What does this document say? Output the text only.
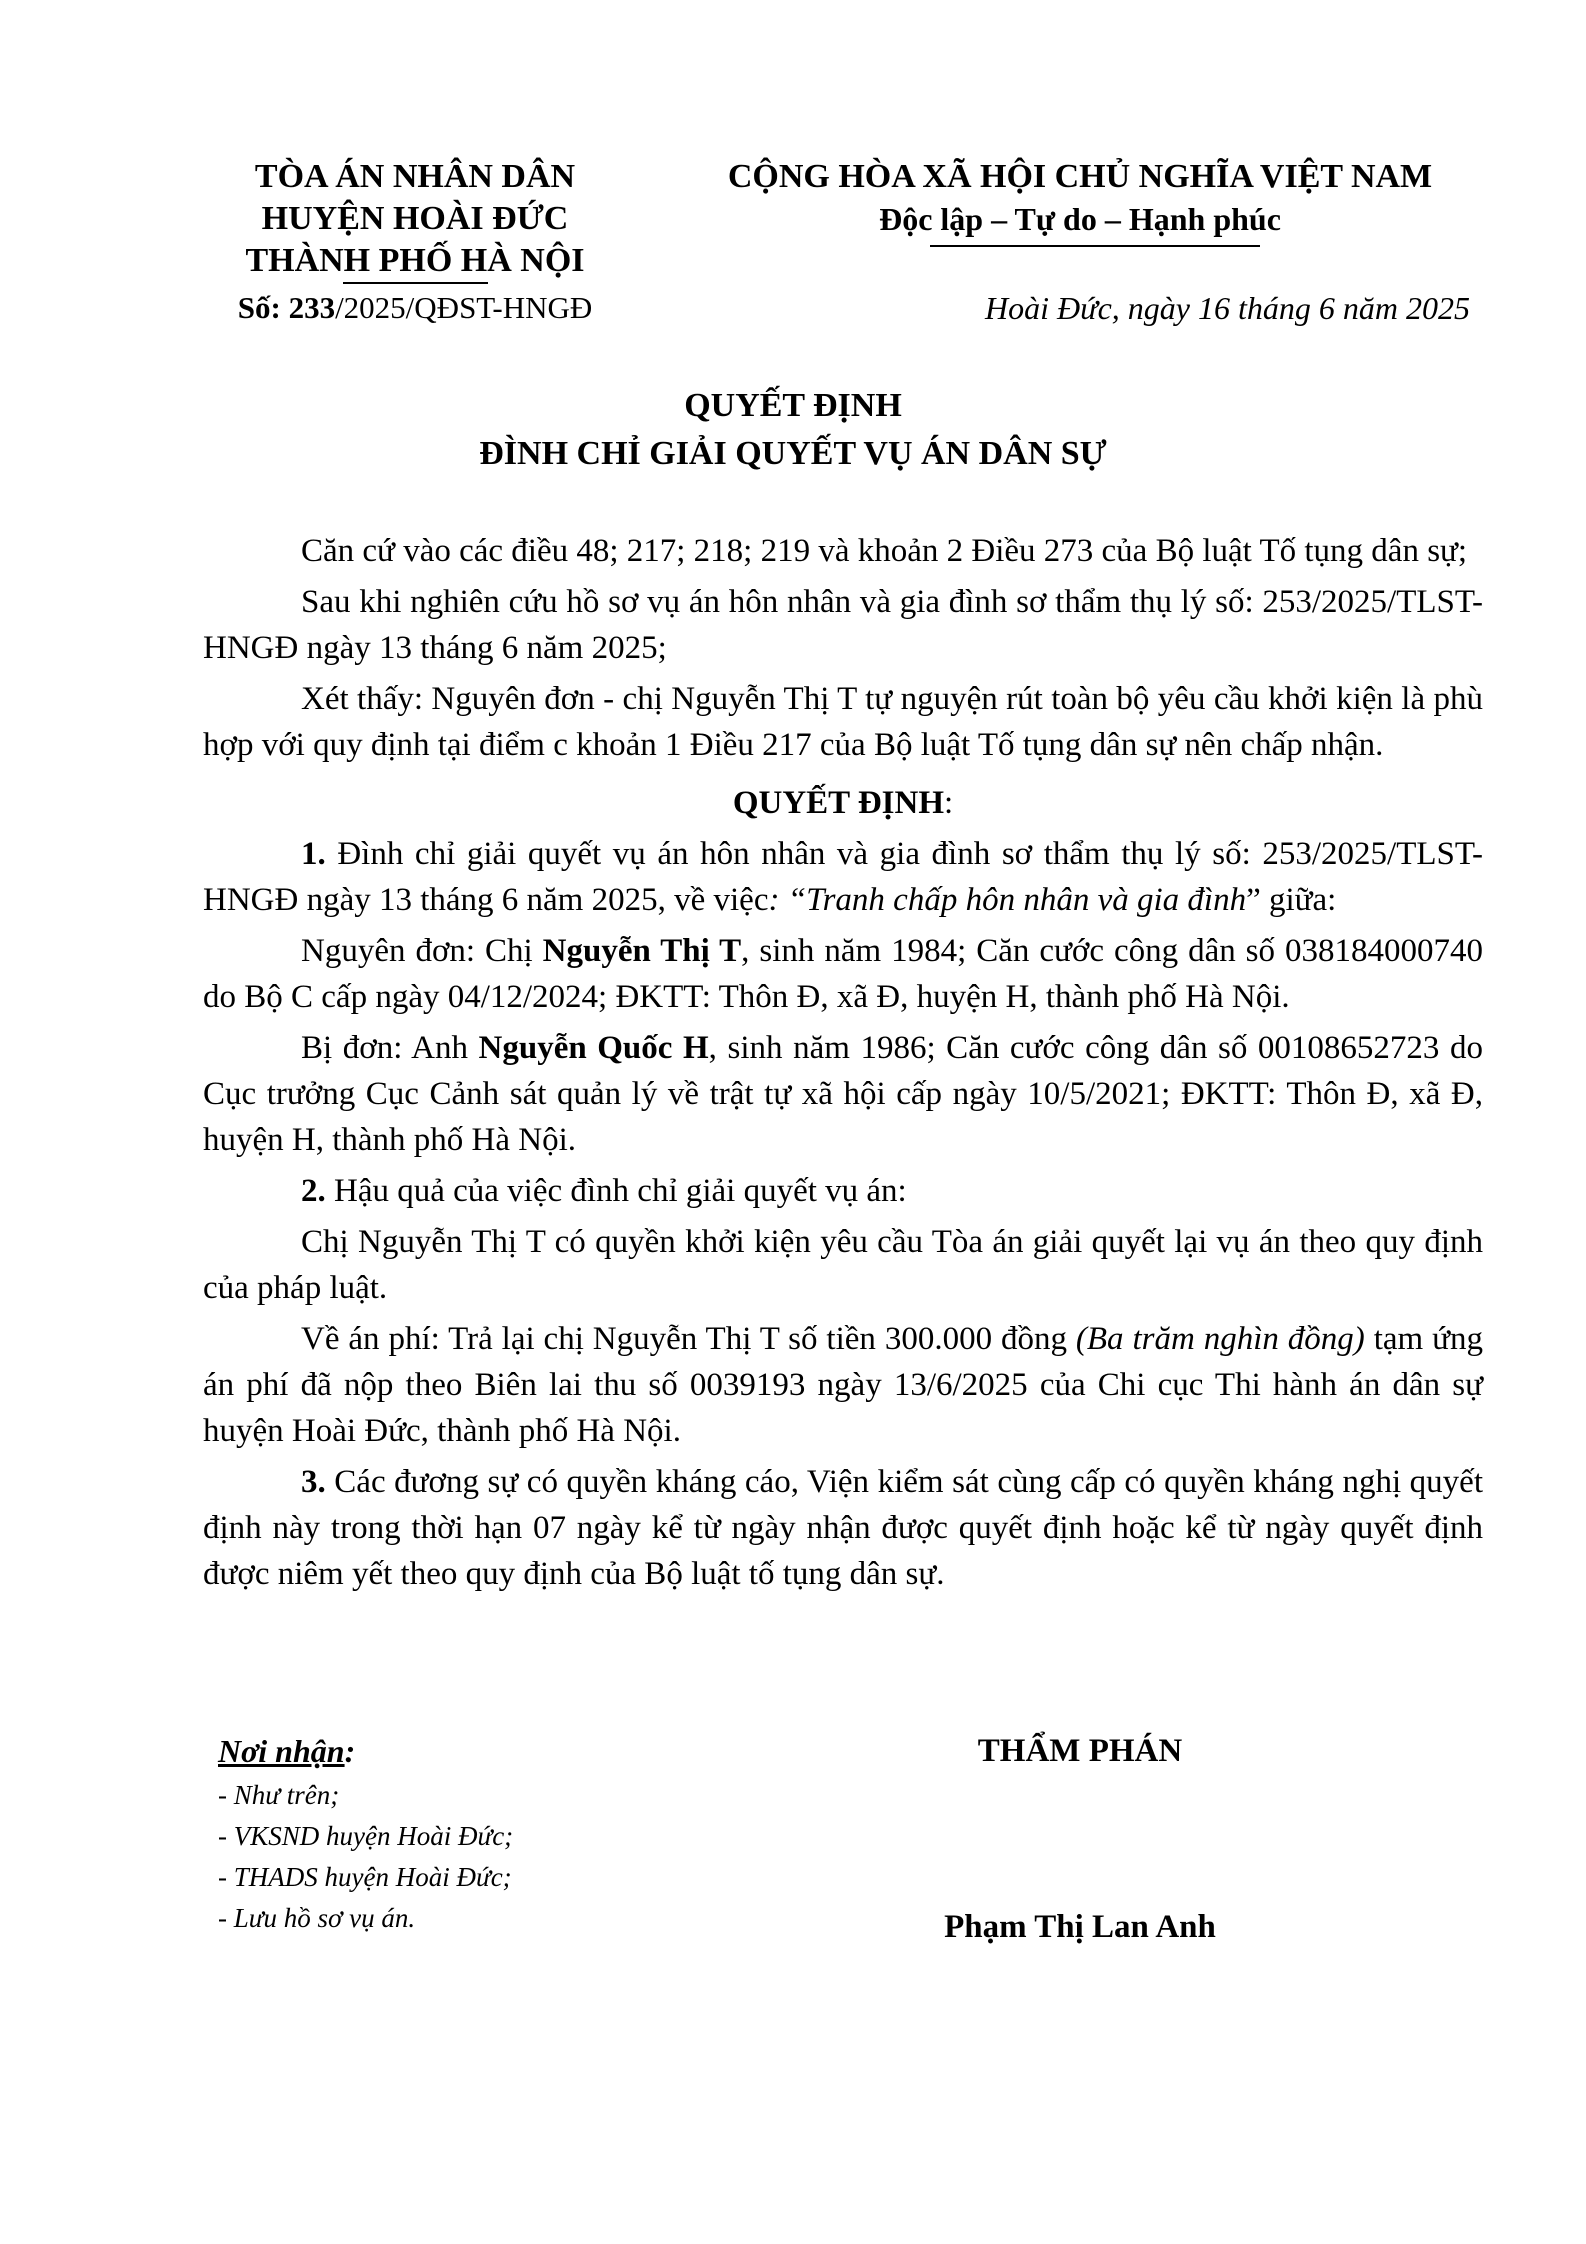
TÒA ÁN NHÂN DÂN
HUYỆN HOÀI ĐỨC
THÀNH PHỐ HÀ NỘI
Số: 233/2025/QĐST-HNGĐ
CỘNG HÒA XÃ HỘI CHỦ NGHĨA VIỆT NAM
Độc lập – Tự do – Hạnh phúc
Hoài Đức, ngày 16 tháng 6 năm 2025
QUYẾT ĐỊNH
ĐÌNH CHỈ GIẢI QUYẾT VỤ ÁN DÂN SỰ

Căn cứ vào các điều 48; 217; 218; 219 và khoản 2 Điều 273 của Bộ luật Tố tụng dân sự;

Sau khi nghiên cứu hồ sơ vụ án hôn nhân và gia đình sơ thẩm thụ lý số: 253/2025/TLST-HNGĐ ngày 13 tháng 6 năm 2025;

Xét thấy: Nguyên đơn - chị Nguyễn Thị T tự nguyện rút toàn bộ yêu cầu khởi kiện là phù hợp với quy định tại điểm c khoản 1 Điều 217 của Bộ luật Tố tụng dân sự nên chấp nhận.

QUYẾT ĐỊNH:

1. Đình chỉ giải quyết vụ án hôn nhân và gia đình sơ thẩm thụ lý số: 253/2025/TLST-HNGĐ ngày 13 tháng 6 năm 2025, về việc: “Tranh chấp hôn nhân và gia đình” giữa:

Nguyên đơn: Chị Nguyễn Thị T, sinh năm 1984; Căn cước công dân số 038184000740 do Bộ C cấp ngày 04/12/2024; ĐKTT: Thôn Đ, xã Đ, huyện H, thành phố Hà Nội.

Bị đơn: Anh Nguyễn Quốc H, sinh năm 1986; Căn cước công dân số 00108652723 do Cục trưởng Cục Cảnh sát quản lý về trật tự xã hội cấp ngày 10/5/2021; ĐKTT: Thôn Đ, xã Đ, huyện H, thành phố Hà Nội.

2. Hậu quả của việc đình chỉ giải quyết vụ án:

Chị Nguyễn Thị T có quyền khởi kiện yêu cầu Tòa án giải quyết lại vụ án theo quy định của pháp luật.

Về án phí: Trả lại chị Nguyễn Thị T số tiền 300.000 đồng (Ba trăm nghìn đồng) tạm ứng án phí đã nộp theo Biên lai thu số 0039193 ngày 13/6/2025 của Chi cục Thi hành án dân sự huyện Hoài Đức, thành phố Hà Nội.

3. Các đương sự có quyền kháng cáo, Viện kiểm sát cùng cấp có quyền kháng nghị quyết định này trong thời hạn 07 ngày kể từ ngày nhận được quyết định hoặc kể từ ngày quyết định được niêm yết theo quy định của Bộ luật tố tụng dân sự.

Nơi nhận:
- Như trên;
- VKSND huyện Hoài Đức;
- THADS huyện Hoài Đức;
- Lưu hồ sơ vụ án.
THẨM PHÁN
Phạm Thị Lan Anh
